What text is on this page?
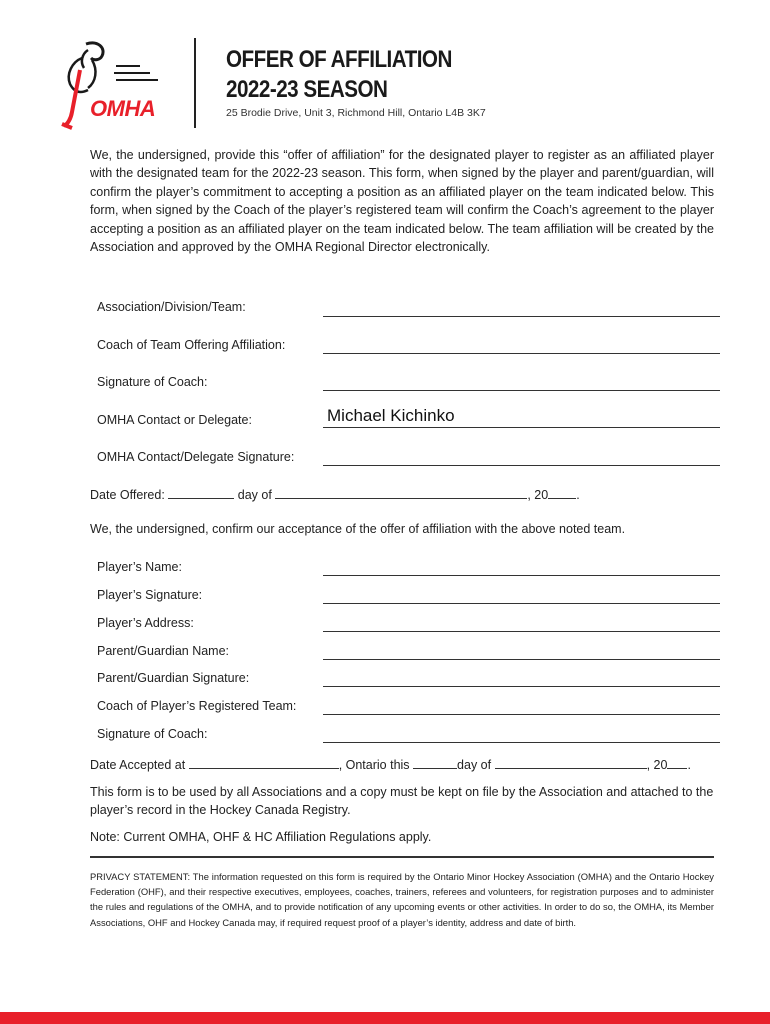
OMHA
OFFER OF AFFILIATION
2022-23 SEASON
25 Brodie Drive, Unit 3, Richmond Hill, Ontario L4B 3K7
We, the undersigned, provide this “offer of affiliation” for the designated player to register as an affiliated player with the designated team for the 2022-23 season. This form, when signed by the player and parent/guardian, will confirm the player’s commitment to accepting a position as an affiliated player on the team indicated below. This form, when signed by the Coach of the player’s registered team will confirm the Coach’s agreement to the player accepting a position as an affiliated player on the team indicated below. The team affiliation will be created by the Association and approved by the OMHA Regional Director electronically.
Association/Division/Team:
Coach of Team Offering Affiliation:
Signature of Coach:
OMHA Contact or Delegate:	Michael Kichinko
OMHA Contact/Delegate Signature:
Date Offered:	day of	, 20 .
We, the undersigned, confirm our acceptance of the offer of affiliation with the above noted team.
Player’s Name:
Player’s Signature:
Player’s Address:
Parent/Guardian Name:
Parent/Guardian Signature:
Coach of Player’s Registered Team:
Signature of Coach:
Date Accepted at	, Ontario this	day of	, 20 .
This form is to be used by all Associations and a copy must be kept on file by the Association and attached to the player’s record in the Hockey Canada Registry.
Note: Current OMHA, OHF & HC Affiliation Regulations apply.
PRIVACY STATEMENT: The information requested on this form is required by the Ontario Minor Hockey Association (OMHA) and the Ontario Hockey Federation (OHF), and their respective executives, employees, coaches, trainers, referees and volunteers, for registration purposes and to administer the rules and regulations of the OMHA, and to provide notification of any upcoming events or other activities. In order to do so, the OMHA, its Member Associations, OHF and Hockey Canada may, if required request proof of a player’s identity, address and date of birth.
